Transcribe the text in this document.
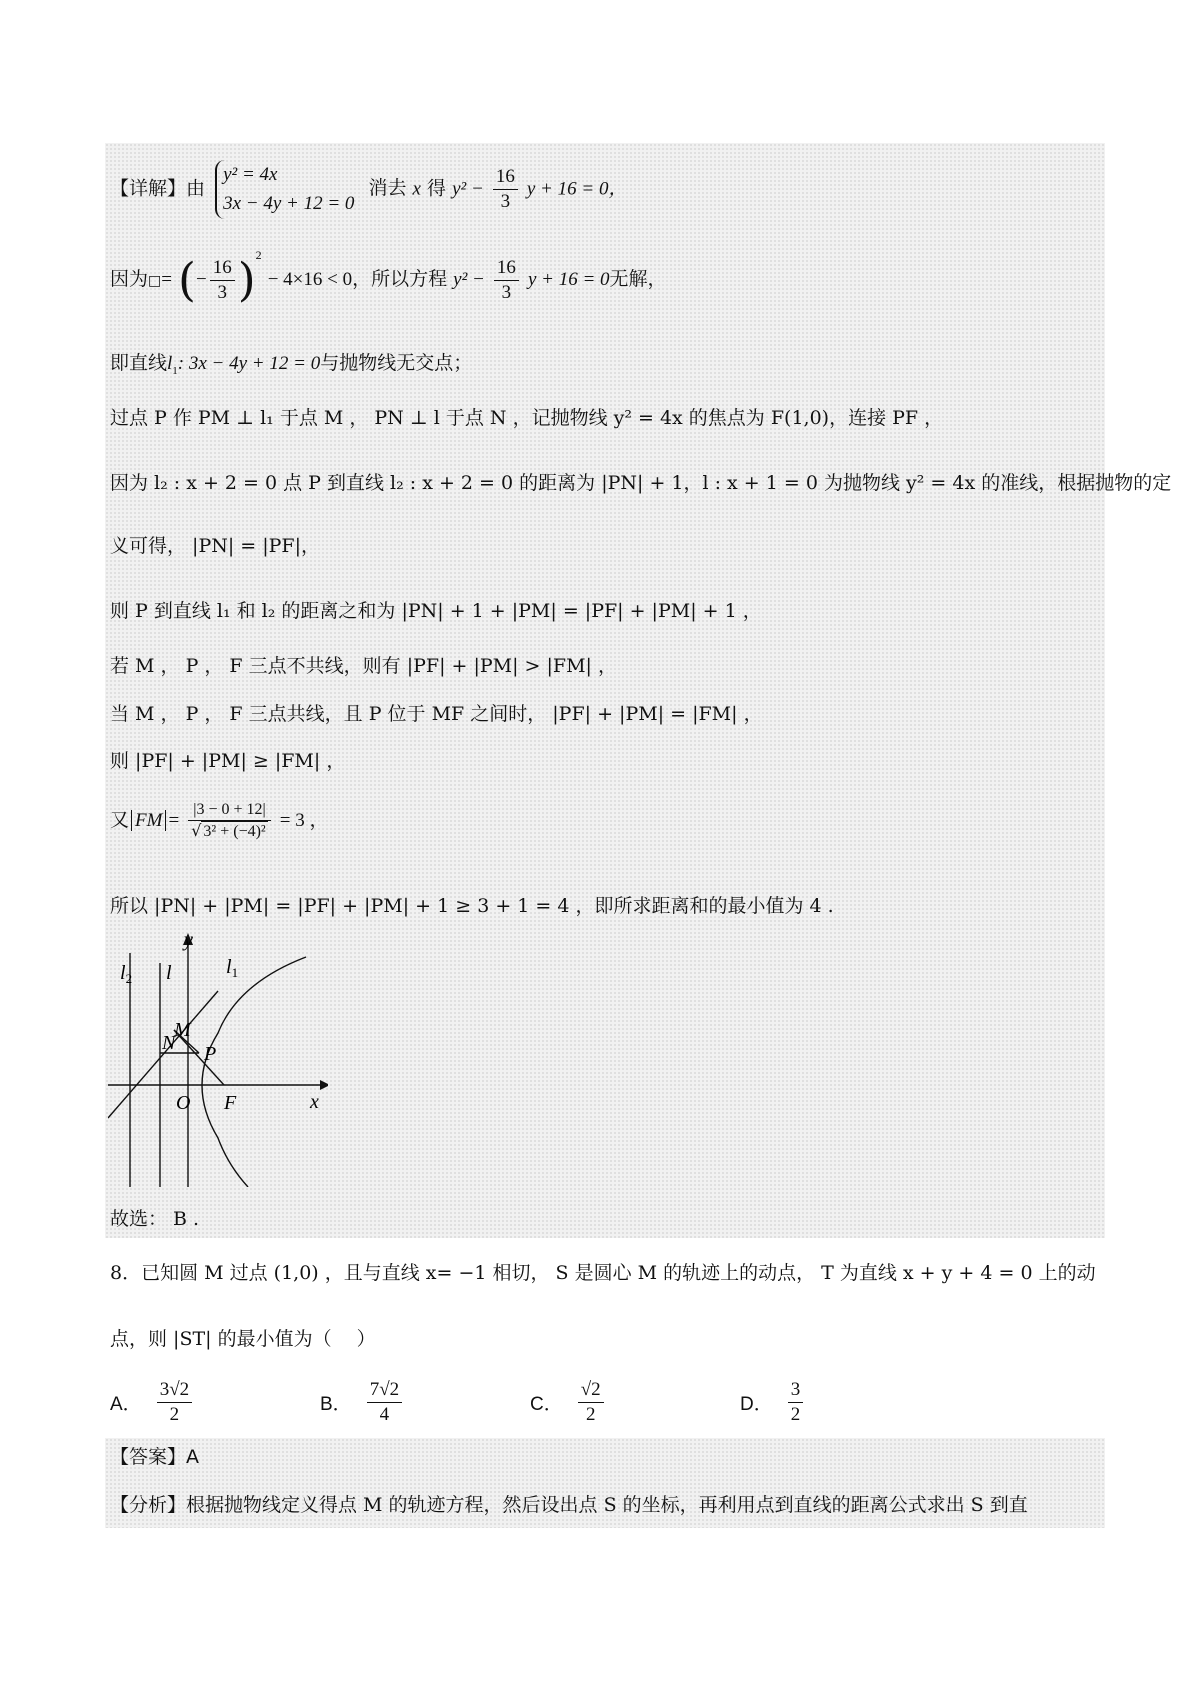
【详解】由
y² = 4x
3x − 4y + 12 = 0
消去 x 得 $y^2 - \frac{16}{3}$ y + 16 = 0，
因为□= (− $\frac{16}{3} )^2 - 4\times 16 < 0$，所以方程 $y^2 - \frac{16}{3}$ y + 16 = 0无解，
即直线$l_1$: 3x − 4y + 12 = 0与抛物线无交点；
过点 P 作 PM ⊥ l₁ 于点 M ， PN ⊥ l 于点 N ，记抛物线 y² = 4x 的焦点为 F(1,0)，连接 PF ，
因为 l₂ : x + 2 = 0 点 P 到直线 l₂ : x + 2 = 0 的距离为 |PN| + 1，l : x + 1 = 0 为抛物线 y² = 4x 的准线，根据抛物的定
义可得， |PN| = |PF|，
则 P 到直线 l₁ 和 l₂ 的距离之和为 |PN| + 1 + |PM| = |PF| + |PM| + 1 ，
若 M ， P ， F 三点不共线，则有 |PF| + |PM| > |FM| ，
当 M ， P ， F 三点共线，且 P 位于 MF 之间时， |PF| + |PM| = |FM| ，
则 |PF| + |PM| ≥ |FM| ，
又 FM = $\frac{|3 - 0 + 12|}{\text{√ 3² + (−4)²}} = 3$ ，
所以 |PN| + |PM| = |PF| + |PM| + 1 ≥ 3 + 1 = 4 ，即所求距离和的最小值为 4 .
y
x
$l_1$
$l_2$ l
M
N P
O F
故选： B .
8．已知圆 M 过点 (1,0) ，且与直线 x= −1 相切， S 是圆心 M 的轨迹上的动点， T 为直线 x + y + 4 = 0 上的动
点，则 |ST| 的最小值为（　 ）
A． $\frac{3√2}{2}$	B． $\frac{7√2}{4}$	C． $\frac{√2}{2}$	D． $\frac{3}{2}$
【答案】A
【分析】根据抛物线定义得点 M 的轨迹方程，然后设出点 S 的坐标，再利用点到直线的距离公式求出 S 到直
